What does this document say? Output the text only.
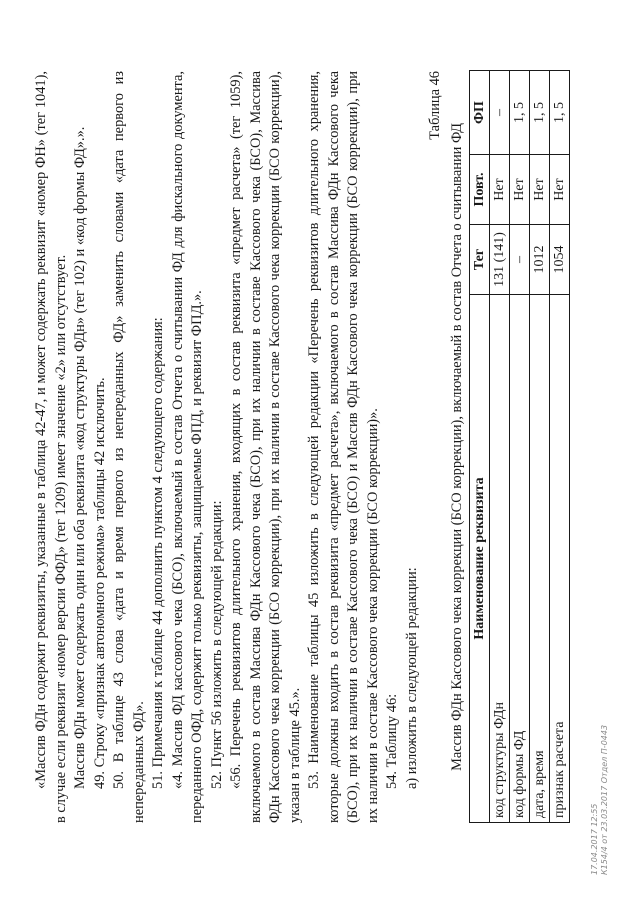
«Массив ФДн содержит реквизиты, указанные в таблица 42-47, и может содержать реквизит «номер ФН» (тег 1041), в случае если реквизит «номер версии ФФД» (тег 1209) имеет значение «2» или отсутствует. Массив ФДн может содержать один или оба реквизита «код структуры ФДн» (тег 102) и «код формы ФД».». 49. Строку «признак автономного режима» таблицы 42 исключить. 50. В таблице 43 слова «дата и время первого из непереданных ФД» заменить словами «дата первого из непереданных ФД». 51. Примечания к таблице 44 дополнить пунктом 4 следующего содержания: «4. Массив ФД кассового чека (БСО), включаемый в состав Отчета о считывании ФД для фискального документа, переданного ОФД, содержит только реквизиты, защищаемые ФПД, и реквизит ФПД.». 52. Пункт 56 изложить в следующей редакции: «56. Перечень реквизитов длительного хранения, входящих в состав реквизита «предмет расчета» (тег 1059), включаемого в состав Массива ФДн Кассового чека (БСО), при их наличии в составе Кассового чека (БСО), Массива ФДн Кассового чека коррекции (БСО коррекции), при их наличии в составе Кассового чека коррекции (БСО коррекции), указан в таблице 45.». 53. Наименование таблицы 45 изложить в следующей редакции «Перечень реквизитов длительного хранения, которые должны входить в состав реквизита «предмет расчета», включаемого в состав Массива ФДн Кассового чека (БСО), при их наличии в составе Кассового чека (БСО) и Массив ФДн Кассового чека коррекции (БСО коррекции), при их наличии в составе Кассового чека коррекции (БСО коррекции)». 54. Таблицу 46: а) изложить в следующей редакции:

Таблица 46

Массив ФДн Кассового чека коррекции (БСО коррекции), включаемый в состав Отчета о считывании ФД Наименование реквизита	Тег	Повт.	ФП
код структуры ФДн	131 (141)	Нет	–
код формы ФД	–	Нет	1, 5
дата, время	1012	Нет	1, 5
признак расчета	1054	Нет	1, 5
17.04.2017 12:55 К154/4 от 23.03.2017 Отдел П-0443
